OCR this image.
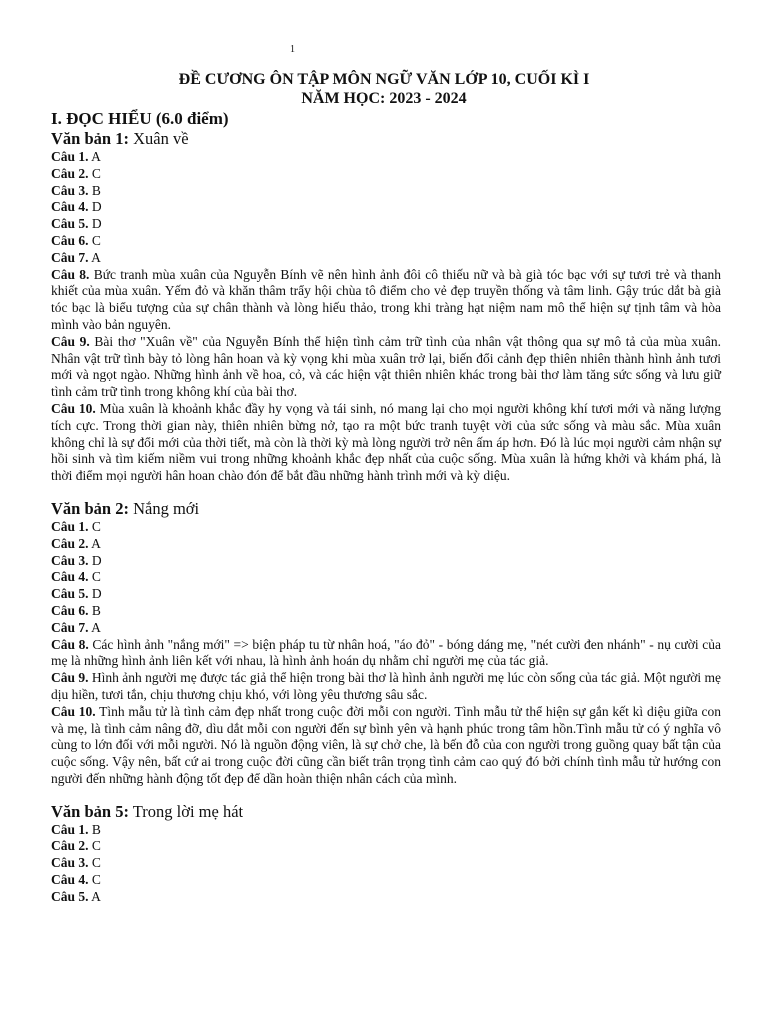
1
ĐỀ CƯƠNG ÔN TẬP MÔN NGỮ VĂN LỚP 10, CUỐI KÌ I
NĂM HỌC: 2023 - 2024

I. ĐỌC HIỂU (6.0 điểm)

Văn bản 1: Xuân về

Câu 1. A

Câu 2. C

Câu 3. B

Câu 4. D

Câu 5. D

Câu 6. C

Câu 7. A

Câu 8. Bức tranh mùa xuân của Nguyễn Bính vẽ nên hình ảnh đôi cô thiếu nữ và bà già tóc bạc với sự tươi trẻ và thanh khiết của mùa xuân. Yếm đỏ và khăn thâm trẩy hội chùa tô điểm cho vẻ đẹp truyền thống và tâm linh. Gậy trúc dắt bà già tóc bạc là biểu tượng của sự chân thành và lòng hiếu thảo, trong khi tràng hạt niệm nam mô thể hiện sự tịnh tâm và hòa mình vào bản nguyên.

Câu 9. Bài thơ "Xuân về" của Nguyễn Bính thể hiện tình cảm trữ tình của nhân vật thông qua sự mô tả của mùa xuân. Nhân vật trữ tình bày tỏ lòng hân hoan và kỳ vọng khi mùa xuân trở lại, biến đổi cảnh đẹp thiên nhiên thành hình ảnh tươi mới và ngọt ngào. Những hình ảnh về hoa, cỏ, và các hiện vật thiên nhiên khác trong bài thơ làm tăng sức sống và lưu giữ tình cảm trữ tình trong không khí của bài thơ.

Câu 10. Mùa xuân là khoảnh khắc đầy hy vọng và tái sinh, nó mang lại cho mọi người không khí tươi mới và năng lượng tích cực. Trong thời gian này, thiên nhiên bừng nở, tạo ra một bức tranh tuyệt vời của sức sống và màu sắc. Mùa xuân không chỉ là sự đổi mới của thời tiết, mà còn là thời kỳ mà lòng người trở nên ấm áp hơn. Đó là lúc mọi người cảm nhận sự hồi sinh và tìm kiếm niềm vui trong những khoảnh khắc đẹp nhất của cuộc sống. Mùa xuân là hứng khởi và khám phá, là thời điểm mọi người hân hoan chào đón để bắt đầu những hành trình mới và kỳ diệu.

Văn bản 2: Nắng mới

Câu 1. C

Câu 2. A

Câu 3. D

Câu 4. C

Câu 5. D

Câu 6. B

Câu 7. A

Câu 8. Các hình ảnh "nắng mới" => biện pháp tu từ nhân hoá, "áo đỏ" - bóng dáng mẹ, "nét cười đen nhánh" - nụ cười của mẹ là những hình ảnh liên kết với nhau, là hình ảnh hoán dụ nhằm chỉ người mẹ của tác giả.

Câu 9. Hình ảnh người mẹ được tác giả thể hiện trong bài thơ là hình ảnh người mẹ lúc còn sống của tác giả. Một người mẹ dịu hiền, tươi tắn, chịu thương chịu khó, với lòng yêu thương sâu sắc.

Câu 10. Tình mẫu tử là tình cảm đẹp nhất trong cuộc đời mỗi con người. Tình mẫu tử thể hiện sự gắn kết kì diệu giữa con và mẹ, là tình cảm nâng đỡ, dìu dắt mỗi con người đến sự bình yên và hạnh phúc trong tâm hồn.Tình mẫu tử có ý nghĩa vô cùng to lớn đối với mỗi người. Nó là nguồn động viên, là sự chở che, là bến đỗ của con người trong guồng quay bất tận của cuộc sống. Vậy nên, bất cứ ai trong cuộc đời cũng cần biết trân trọng tình cảm cao quý đó bởi chính tình mẫu tử hướng con người đến những hành động tốt đẹp để dần hoàn thiện nhân cách của mình.

Văn bản 5: Trong lời mẹ hát

Câu 1. B

Câu 2. C

Câu 3. C

Câu 4. C

Câu 5. A
